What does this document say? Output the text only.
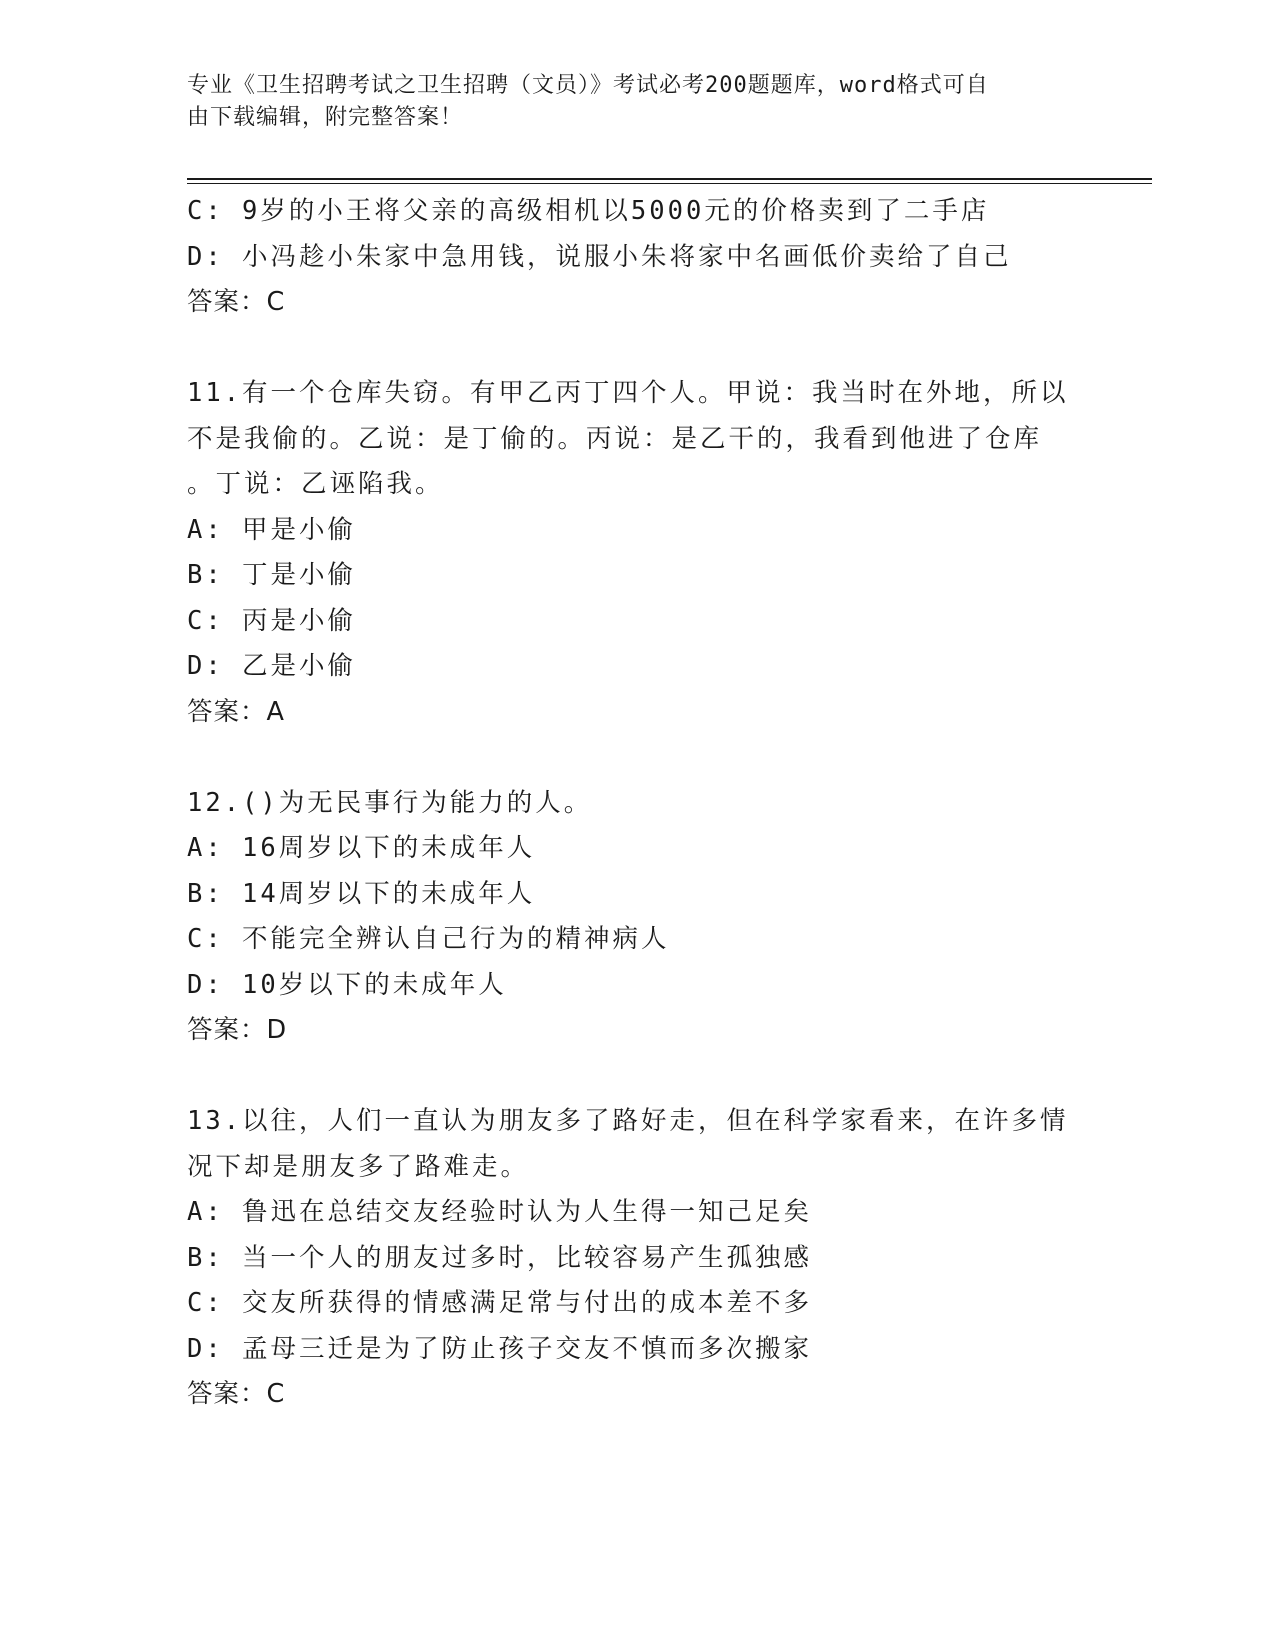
专业《卫生招聘考试之卫生招聘（文员）》考试必考200题题库，word格式可自
由下载编辑，附完整答案！
C: 9岁的小王将父亲的高级相机以5000元的价格卖到了二手店
D: 小冯趁小朱家中急用钱，说服小朱将家中名画低价卖给了自己
答案：C
11.有一个仓库失窃。有甲乙丙丁四个人。甲说：我当时在外地，所以
不是我偷的。乙说：是丁偷的。丙说：是乙干的，我看到他进了仓库
。丁说：乙诬陷我。
A: 甲是小偷
B: 丁是小偷
C: 丙是小偷
D: 乙是小偷
答案：A
12.()为无民事行为能力的人。
A: 16周岁以下的未成年人
B: 14周岁以下的未成年人
C: 不能完全辨认自己行为的精神病人
D: 10岁以下的未成年人
答案：D
13.以往，人们一直认为朋友多了路好走，但在科学家看来，在许多情
况下却是朋友多了路难走。
A: 鲁迅在总结交友经验时认为人生得一知己足矣
B: 当一个人的朋友过多时，比较容易产生孤独感
C: 交友所获得的情感满足常与付出的成本差不多
D: 孟母三迁是为了防止孩子交友不慎而多次搬家
答案：C
